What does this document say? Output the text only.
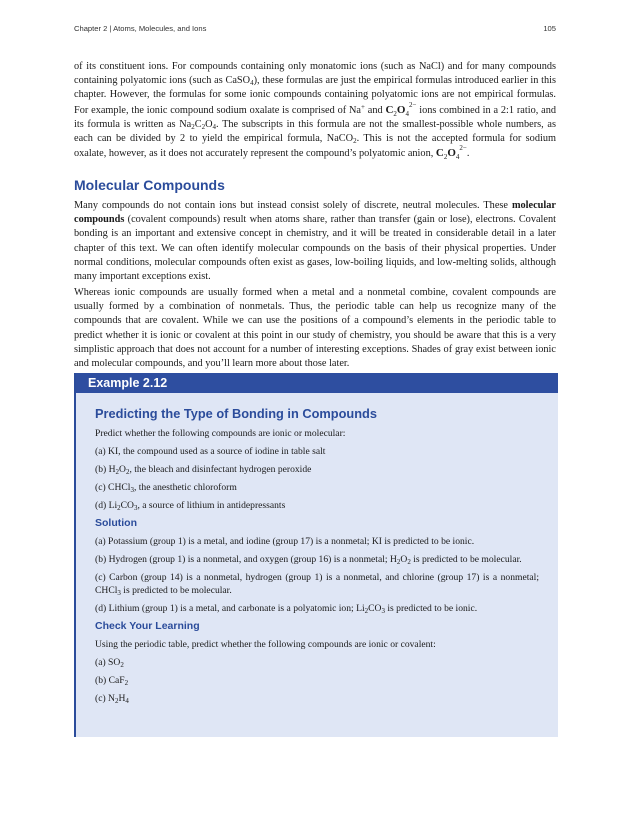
Chapter 2 | Atoms, Molecules, and Ions	105

of its constituent ions. For compounds containing only monatomic ions (such as NaCl) and for many compounds containing polyatomic ions (such as CaSO$_4$), these formulas are just the empirical formulas introduced earlier in this chapter. However, the formulas for some ionic compounds containing polyatomic ions are not empirical formulas. For example, the ionic compound sodium oxalate is comprised of Na+ and $C_2O_4^{2-}$ ions combined in a 2:1 ratio, and its formula is written as $Na_2C_2O_4$. The subscripts in this formula are not the smallest-possible whole numbers, as each can be divided by 2 to yield the empirical formula, NaCO$_2$. This is not the accepted formula for sodium oxalate, however, as it does not accurately represent the compound’s polyatomic anion, $C_2O_4^{2-}$.

Molecular Compounds

Many compounds do not contain ions but instead consist solely of discrete, neutral molecules. These molecular compounds (covalent compounds) result when atoms share, rather than transfer (gain or lose), electrons. Covalent bonding is an important and extensive concept in chemistry, and it will be treated in considerable detail in a later chapter of this text. We can often identify molecular compounds on the basis of their physical properties. Under normal conditions, molecular compounds often exist as gases, low-boiling liquids, and low-melting solids, although many important exceptions exist.

Whereas ionic compounds are usually formed when a metal and a nonmetal combine, covalent compounds are usually formed by a combination of nonmetals. Thus, the periodic table can help us recognize many of the compounds that are covalent. While we can use the positions of a compound’s elements in the periodic table to predict whether it is ionic or covalent at this point in our study of chemistry, you should be aware that this is a very simplistic approach that does not account for a number of interesting exceptions. Shades of gray exist between ionic and molecular compounds, and you’ll learn more about those later.

Example 2.12
Predicting the Type of Bonding in Compounds

Predict whether the following compounds are ionic or molecular:

(a) KI, the compound used as a source of iodine in table salt

(b) $H_2O_2$, the bleach and disinfectant hydrogen peroxide

(c) CHCl$_3$, the anesthetic chloroform

(d) $Li_2CO_3$, a source of lithium in antidepressants

Solution

(a) Potassium (group 1) is a metal, and iodine (group 17) is a nonmetal; KI is predicted to be ionic.

(b) Hydrogen (group 1) is a nonmetal, and oxygen (group 16) is a nonmetal; $H_2O_2$ is predicted to be molecular.

(c) Carbon (group 14) is a nonmetal, hydrogen (group 1) is a nonmetal, and chlorine (group 17) is a nonmetal; CHCl$_3$ is predicted to be molecular.

(d) Lithium (group 1) is a metal, and carbonate is a polyatomic ion; $Li_2CO_3$ is predicted to be ionic.

Check Your Learning

Using the periodic table, predict whether the following compounds are ionic or covalent:

(a) $SO_2$

(b) CaF$_2$

(c) $N_2H_4$
